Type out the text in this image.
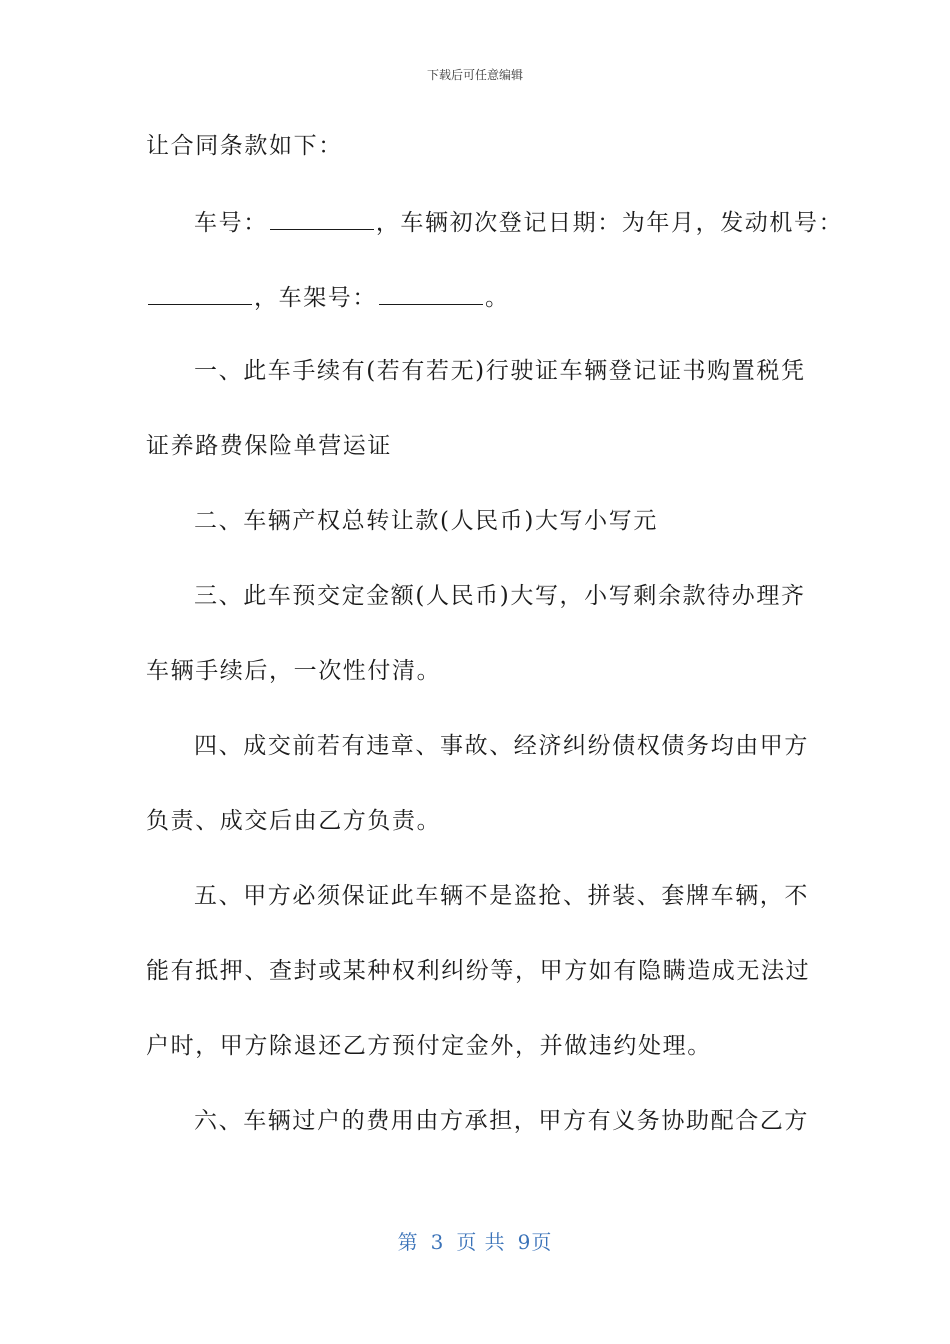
下载后可任意编辑
让合同条款如下：
车号：	，车辆初次登记日期：为年月，发动机号：
，车架号：	。
一、此车手续有(若有若无)行驶证车辆登记证书购置税凭
证养路费保险单营运证
二、车辆产权总转让款(人民币)大写小写元
三、此车预交定金额(人民币)大写，小写剩余款待办理齐
车辆手续后，一次性付清。
四、成交前若有违章、事故、经济纠纷债权债务均由甲方
负责、成交后由乙方负责。
五、甲方必须保证此车辆不是盗抢、拼装、套牌车辆，不
能有抵押、查封或某种权利纠纷等，甲方如有隐瞒造成无法过
户时，甲方除退还乙方预付定金外，并做违约处理。
六、车辆过户的费用由方承担，甲方有义务协助配合乙方
第 3 页 共 9页
